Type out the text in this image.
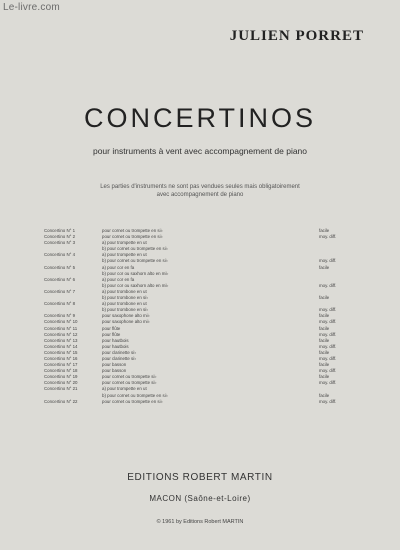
Le-livre.com
JULIEN PORRET
CONCERTINOS
pour instruments à vent avec accompagnement de piano
Les parties d'instruments ne sont pas vendues seules mais obligatoirement
avec accompagnement de piano
Concertino N° 1	pour cornet ou trompette en si♭	facile
Concertino N° 2	pour cornet ou trompette en si♭	moy. diff.
Concertino N° 3	a) pour trompette en ut
b) pour cornet ou trompette en si♭
Concertino N° 4	a) pour trompette en ut
b) pour cornet ou trompette en si♭	moy. diff.
Concertino N° 5	a) pour cor en fa	facile
b) pour cor ou saxhorn alto en mi♭
Concertino N° 6	a) pour cor en fa
b) pour cor ou saxhorn alto en mi♭	moy. diff.
Concertino N° 7	a) pour trombone en ut
b) pour trombone en si♭	facile
Concertino N° 8	a) pour trombone en ut
b) pour trombone en si♭	moy. diff.
Concertino N° 9	pour saxophone alto mi♭	facile
Concertino N° 10	pour saxophone alto mi♭	moy. diff.
Concertino N° 11	pour flûte	facile
Concertino N° 12	pour flûte	moy. diff.
Concertino N° 13	pour hautbois	facile
Concertino N° 14	pour hautbois	moy. diff.
Concertino N° 15	pour clarinette si♭	facile
Concertino N° 16	pour clarinette si♭	moy. diff.
Concertino N° 17	pour basson	facile
Concertino N° 18	pour basson	moy. diff.
Concertino N° 19	pour cornet ou trompette si♭	facile
Concertino N° 20	pour cornet ou trompette si♭	moy. diff.
Concertino N° 21	a) pour trompette en ut
b) pour cornet ou trompette en si♭	facile
Concertino N° 22	pour cornet ou trompette en si♭	moy. diff.
EDITIONS ROBERT MARTIN
MACON (Saône-et-Loire)
© 1961 by Editions Robert MARTIN
